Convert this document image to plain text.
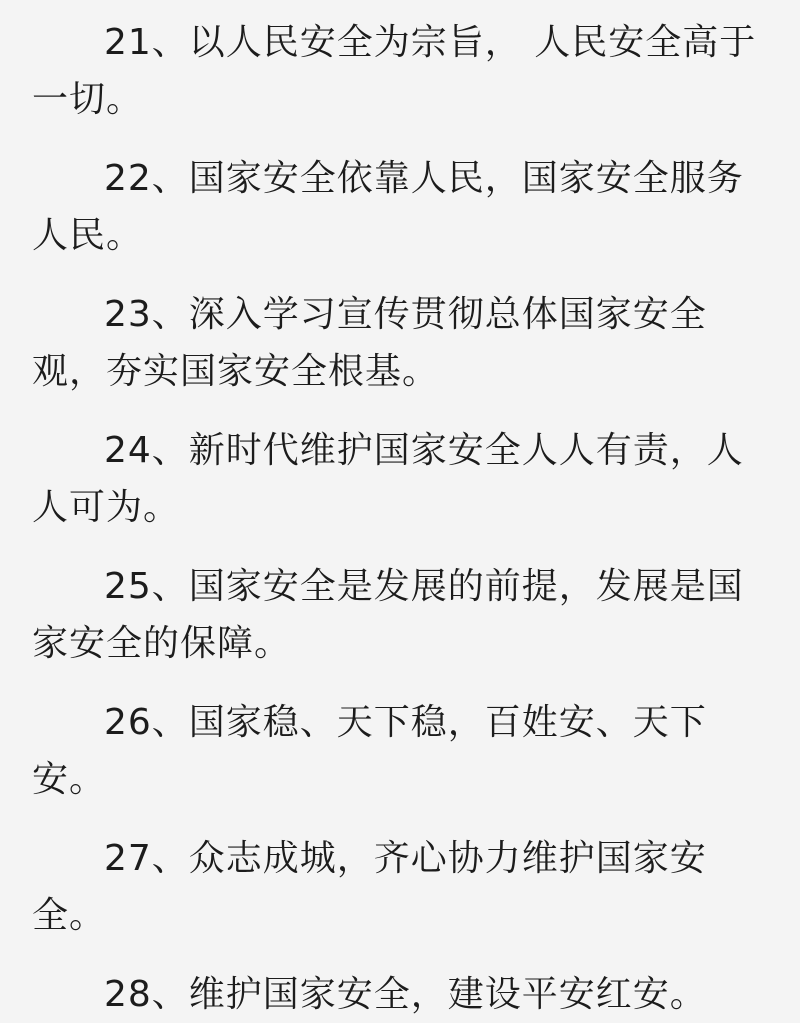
21、以人民安全为宗旨， 人民安全高于一切。

22、国家安全依靠人民，国家安全服务人民。

23、深入学习宣传贯彻总体国家安全观，夯实国家安全根基。

24、新时代维护国家安全人人有责，人人可为。

25、国家安全是发展的前提，发展是国家安全的保障。

26、国家稳、天下稳，百姓安、天下安。

27、众志成城，齐心协力维护国家安全。

28、维护国家安全，建设平安红安。
